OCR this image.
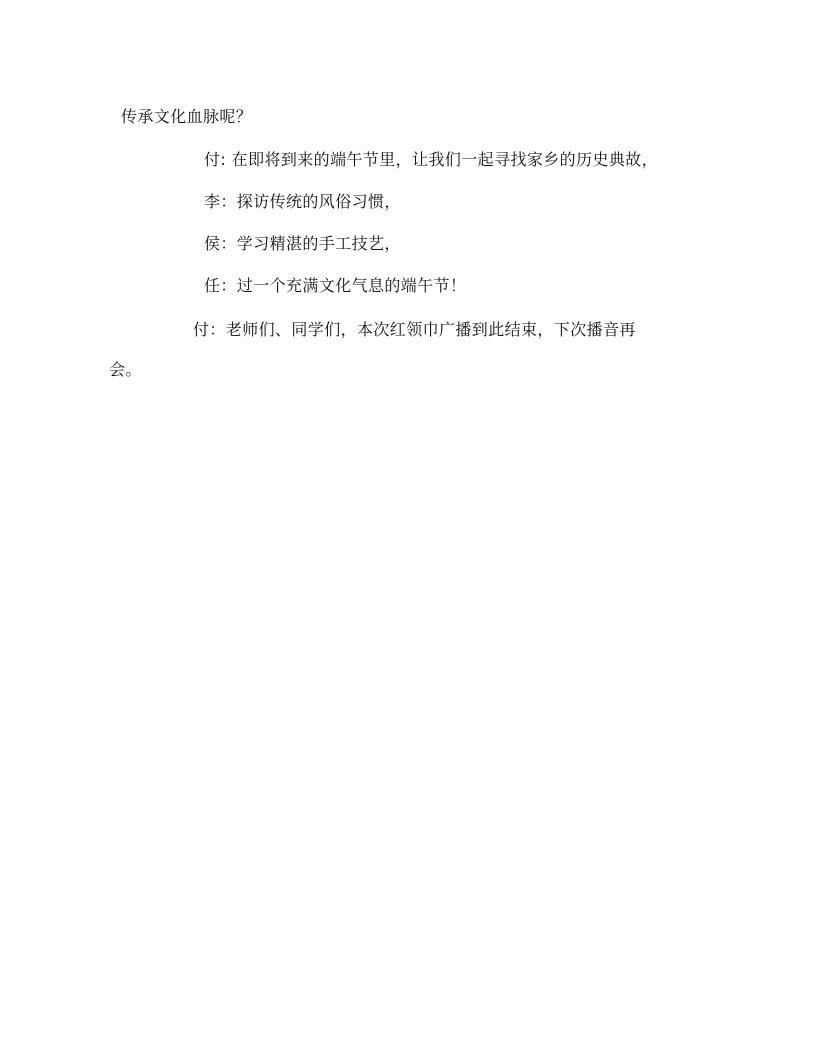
传承文化血脉呢？
付: 在即将到来的端午节里，让我们一起寻找家乡的历史典故，
李：探访传统的风俗习惯，
侯：学习精湛的手工技艺，
任：过一个充满文化气息的端午节！
付：老师们、同学们，本次红领巾广播到此结束，下次播音再
会。
